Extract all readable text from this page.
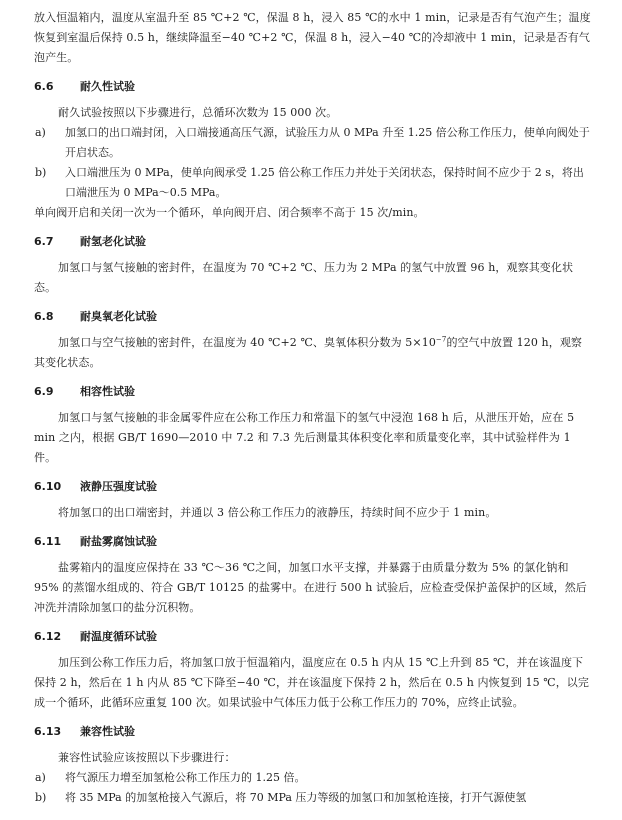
放入恒温箱内，温度从室温升至 85 ℃+2 ℃，保温 8 h，浸入 85 ℃的水中 1 min，记录是否有气泡产生；温度恢复到室温后保持 0.5 h，继续降温至−40 ℃+2 ℃，保温 8 h，浸入−40 ℃的冷却液中 1 min，记录是否有气泡产生。

6.6 耐久性试验

耐久试验按照以下步骤进行，总循环次数为 15 000 次。

a)	加氢口的出口端封闭，入口端接通高压气源，试验压力从 0 MPa 升至 1.25 倍公称工作压力，使单向阀处于开启状态。
b)	入口端泄压为 0 MPa，使单向阀承受 1.25 倍公称工作压力并处于关闭状态，保持时间不应少于 2 s，将出口端泄压为 0 MPa～0.5 MPa。

单向阀开启和关闭一次为一个循环，单向阀开启、闭合频率不高于 15 次/min。

6.7 耐氢老化试验

加氢口与氢气接触的密封件，在温度为 70 ℃+2 ℃、压力为 2 MPa 的氢气中放置 96 h，观察其变化状态。

6.8 耐臭氧老化试验

加氢口与空气接触的密封件，在温度为 40 ℃+2 ℃、臭氧体积分数为 $5\times 10^{-7}$的空气中放置 120 h，观察其变化状态。

6.9 相容性试验

加氢口与氢气接触的非金属零件应在公称工作压力和常温下的氢气中浸泡 168 h 后，从泄压开始，应在 5 min 之内，根据 GB/T 1690—2010 中 7.2 和 7.3 先后测量其体积变化率和质量变化率，其中试验样件为 1 件。

6.10 液静压强度试验

将加氢口的出口端密封，并通以 3 倍公称工作压力的液静压，持续时间不应少于 1 min。

6.11 耐盐雾腐蚀试验

盐雾箱内的温度应保持在 33 ℃～36 ℃之间，加氢口水平支撑，并暴露于由质量分数为 5% 的氯化钠和 95% 的蒸馏水组成的、符合 GB/T 10125 的盐雾中。在进行 500 h 试验后，应检查受保护盖保护的区域，然后冲洗并清除加氢口的盐分沉积物。

6.12 耐温度循环试验

加压到公称工作压力后，将加氢口放于恒温箱内，温度应在 0.5 h 内从 15 ℃上升到 85 ℃，并在该温度下保持 2 h，然后在 1 h 内从 85 ℃下降至−40 ℃，并在该温度下保持 2 h，然后在 0.5 h 内恢复到 15 ℃，以完成一个循环，此循环应重复 100 次。如果试验中气体压力低于公称工作压力的 70%，应终止试验。

6.13 兼容性试验

兼容性试验应该按照以下步骤进行：

a)	将气源压力增至加氢枪公称工作压力的 1.25 倍。
b)	将 35 MPa 的加氢枪接入气源后，将 70 MPa 压力等级的加氢口和加氢枪连接，打开气源使氢
